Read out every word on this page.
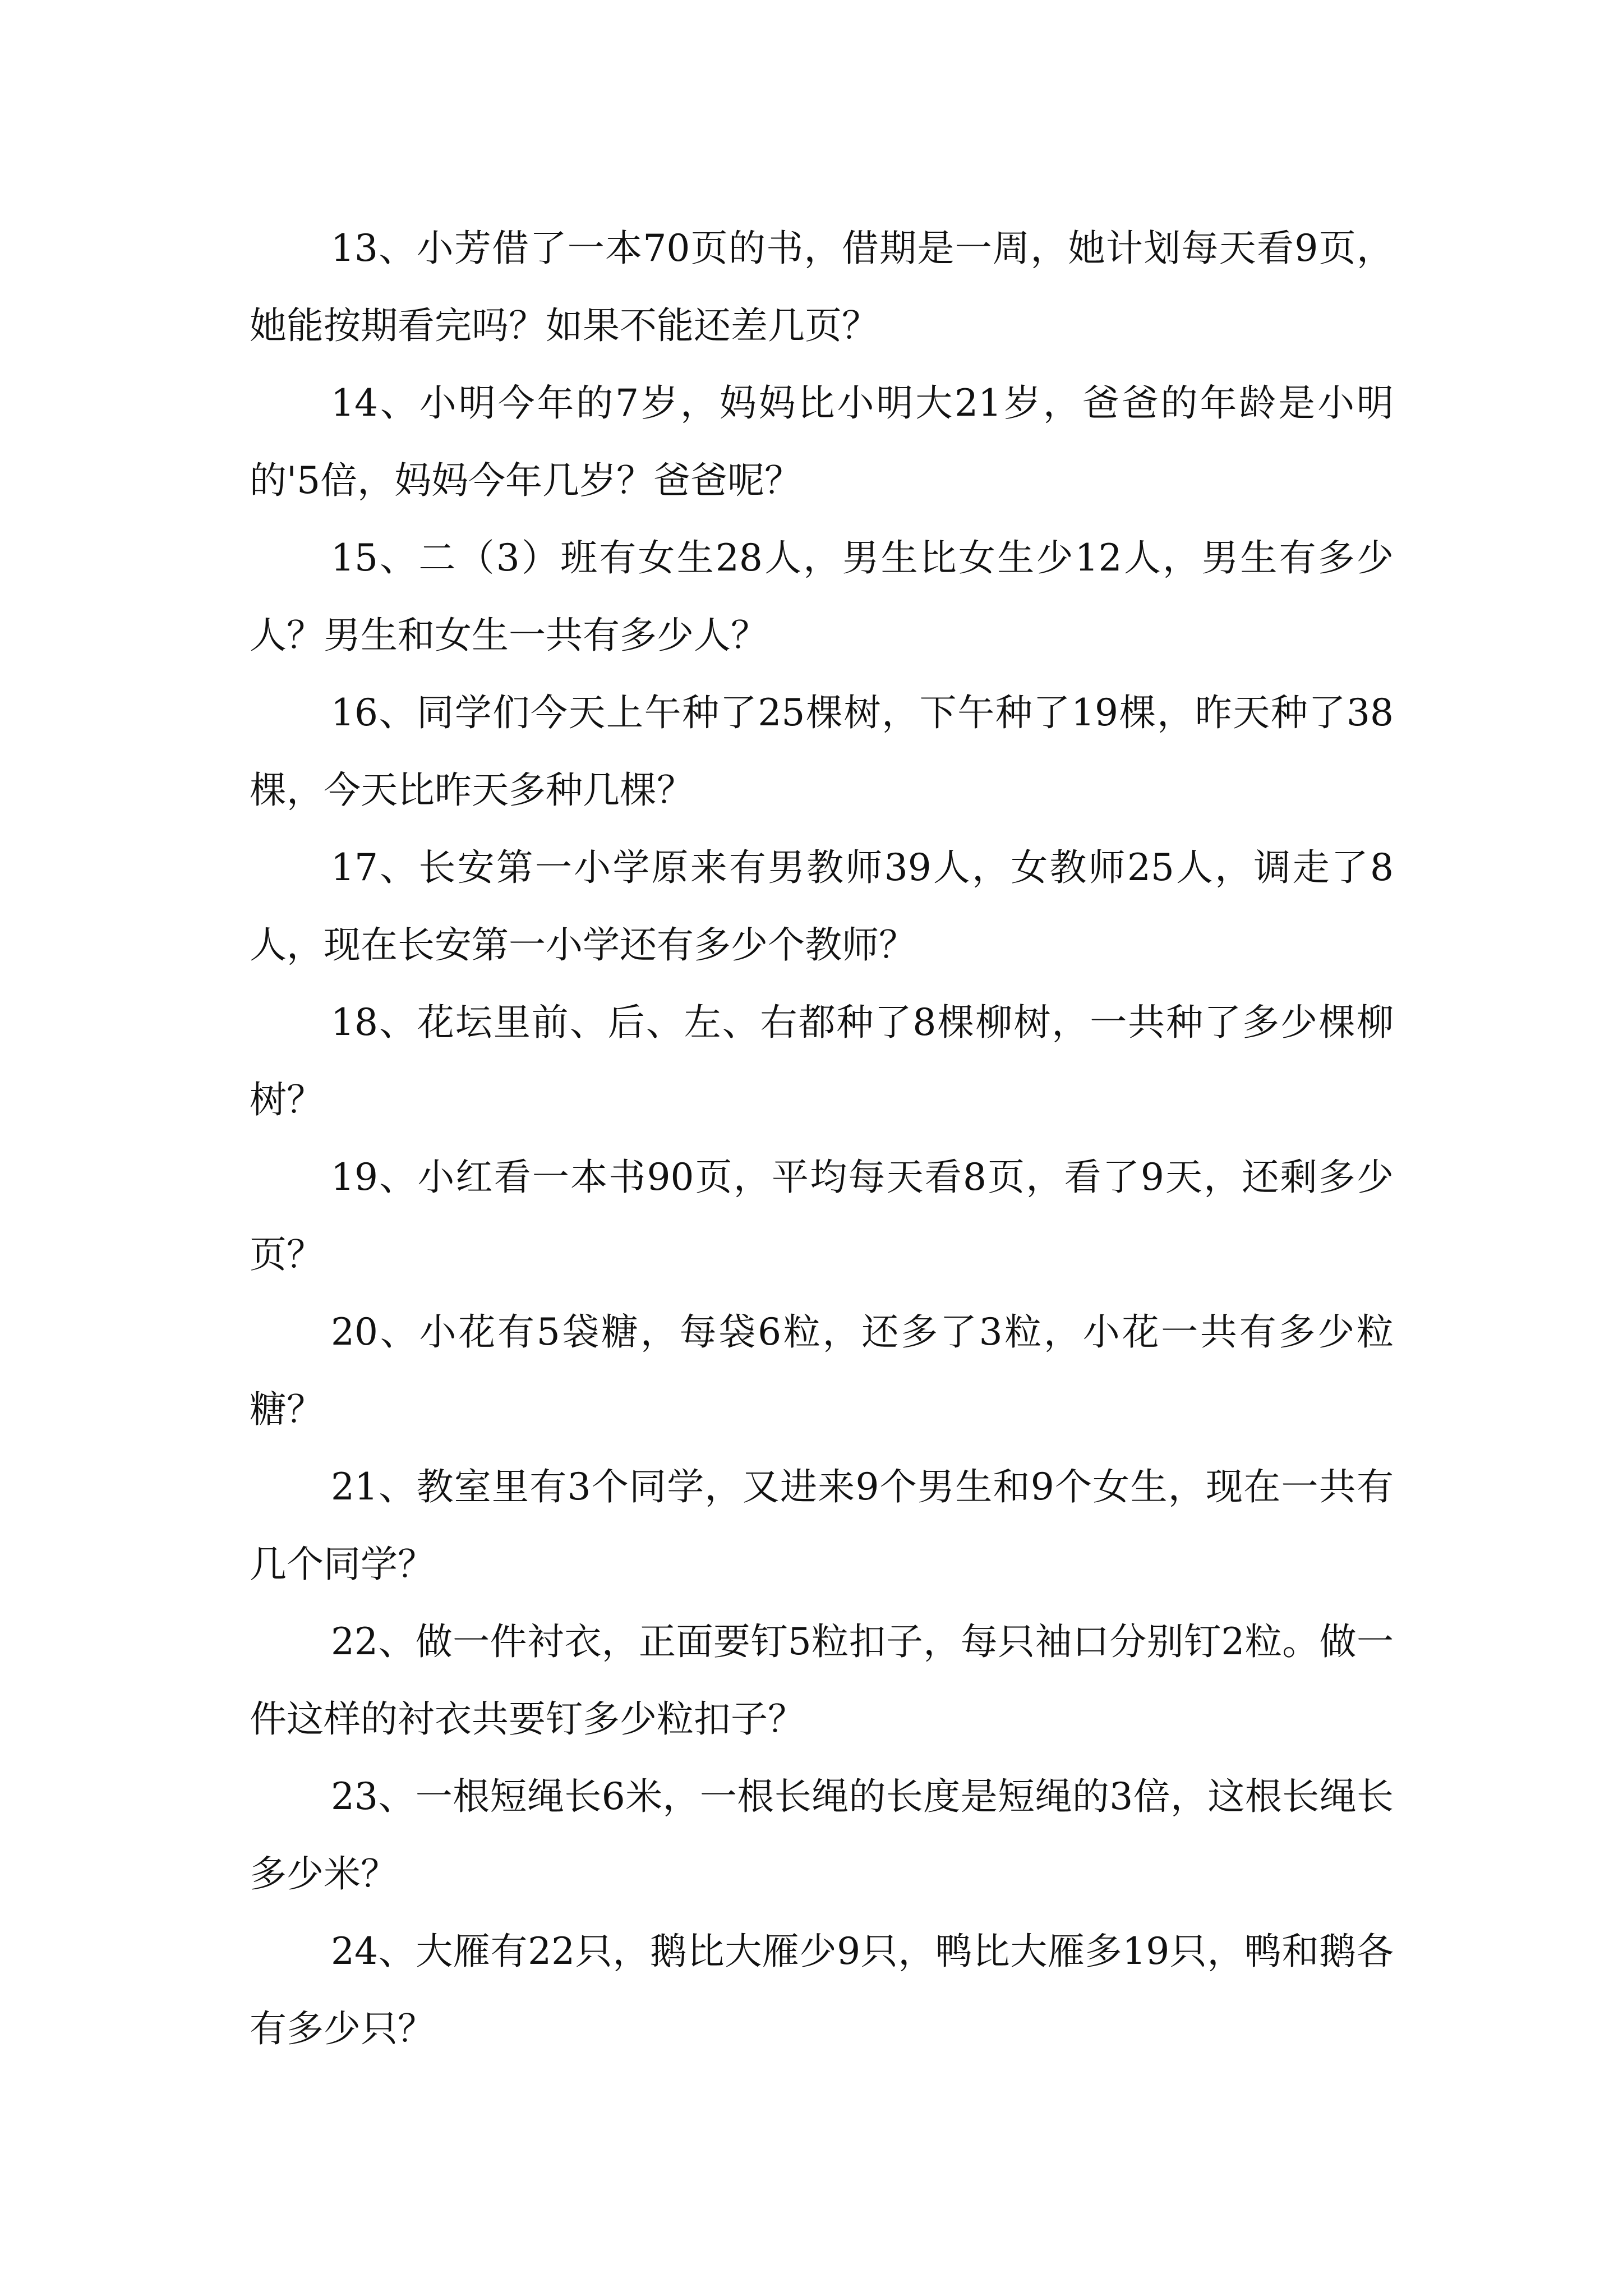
13、小芳借了一本70页的书，借期是一周，她计划每天看9页，她能按期看完吗？如果不能还差几页？

14、小明今年的7岁，妈妈比小明大21岁，爸爸的年龄是小明的'5倍，妈妈今年几岁？爸爸呢？

15、二（3）班有女生28人，男生比女生少12人，男生有多少人？男生和女生一共有多少人？

16、同学们今天上午种了25棵树，下午种了19棵，昨天种了38棵，今天比昨天多种几棵？

17、长安第一小学原来有男教师39人，女教师25人，调走了8人，现在长安第一小学还有多少个教师？

18、花坛里前、后、左、右都种了8棵柳树，一共种了多少棵柳树？

19、小红看一本书90页，平均每天看8页，看了9天，还剩多少页？

20、小花有5袋糖，每袋6粒，还多了3粒，小花一共有多少粒糖？

21、教室里有3个同学，又进来9个男生和9个女生，现在一共有几个同学？

22、做一件衬衣，正面要钉5粒扣子，每只袖口分别钉2粒。做一件这样的衬衣共要钉多少粒扣子？

23、一根短绳长6米，一根长绳的长度是短绳的3倍，这根长绳长多少米？

24、大雁有22只，鹅比大雁少9只，鸭比大雁多19只，鸭和鹅各有多少只？
